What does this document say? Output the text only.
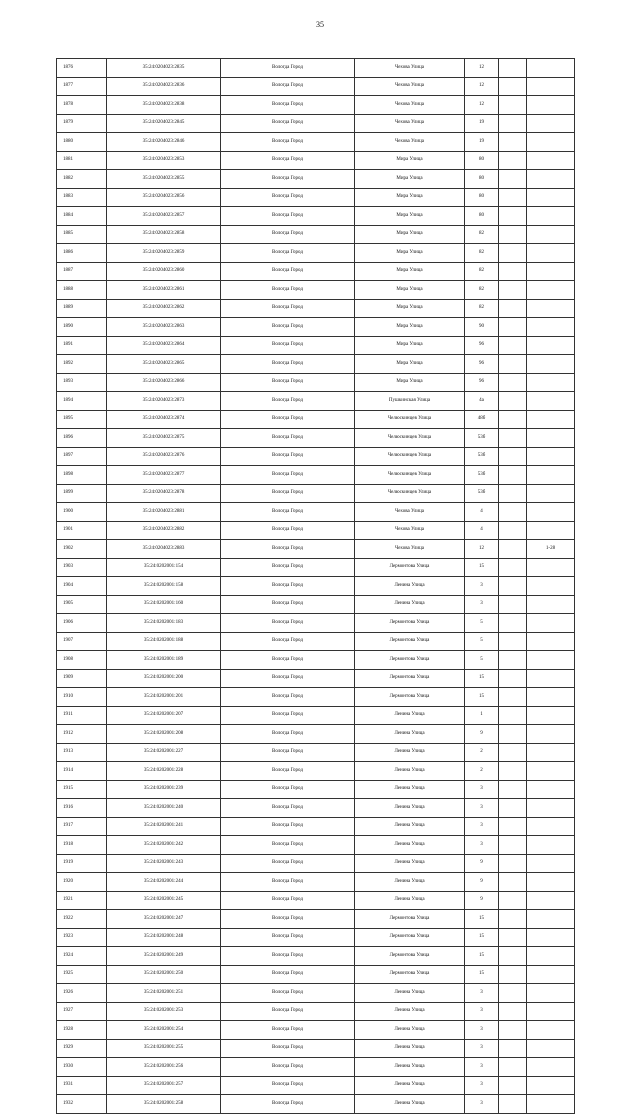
35
1876	35:24:0204023:2835	Вологда Город	Чехова Улица	12		
1877	35:24:0204023:2836	Вологда Город	Чехова Улица	12		
1878	35:24:0204023:2838	Вологда Город	Чехова Улица	12		
1879	35:24:0204023:2845	Вологда Город	Чехова Улица	19		
1880	35:24:0204023:2846	Вологда Город	Чехова Улица	19		
1881	35:24:0204023:2853	Вологда Город	Мира Улица	80		
1882	35:24:0204023:2855	Вологда Город	Мира Улица	80		
1883	35:24:0204023:2856	Вологда Город	Мира Улица	80		
1884	35:24:0204023:2857	Вологда Город	Мира Улица	80		
1885	35:24:0204023:2858	Вологда Город	Мира Улица	82		
1886	35:24:0204023:2859	Вологда Город	Мира Улица	82		
1887	35:24:0204023:2860	Вологда Город	Мира Улица	82		
1888	35:24:0204023:2861	Вологда Город	Мира Улица	82		
1889	35:24:0204023:2862	Вологда Город	Мира Улица	82		
1890	35:24:0204023:2863	Вологда Город	Мира Улица	90		
1891	35:24:0204023:2864	Вологда Город	Мира Улица	96		
1892	35:24:0204023:2865	Вологда Город	Мира Улица	96		
1893	35:24:0204023:2866	Вологда Город	Мира Улица	96		
1894	35:24:0204023:2873	Вологда Город	Пушкинская Улица	4а		
1895	35:24:0204023:2874	Вологда Город	Челюскинцев Улица	48б		
1896	35:24:0204023:2875	Вологда Город	Челюскинцев Улица	53б		
1897	35:24:0204023:2876	Вологда Город	Челюскинцев Улица	53б		
1898	35:24:0204023:2877	Вологда Город	Челюскинцев Улица	53б		
1899	35:24:0204023:2878	Вологда Город	Челюскинцев Улица	53б		
1900	35:24:0204023:2881	Вологда Город	Чехова Улица	4		
1901	35:24:0204023:2882	Вологда Город	Чехова Улица	4		
1902	35:24:0204023:2883	Вологда Город	Чехова Улица	12		1-28
1903	35:24:0202001:154	Вологда Город	Лермонтова Улица	15		
1904	35:24:0202001:158	Вологда Город	Ленина Улица	3		
1905	35:24:0202001:160	Вологда Город	Ленина Улица	3		
1906	35:24:0202001:183	Вологда Город	Лермонтова Улица	5		
1907	35:24:0202001:188	Вологда Город	Лермонтова Улица	5		
1908	35:24:0202001:189	Вологда Город	Лермонтова Улица	5		
1909	35:24:0202001:200	Вологда Город	Лермонтова Улица	15		
1910	35:24:0202001:201	Вологда Город	Лермонтова Улица	15		
1911	35:24:0202001:207	Вологда Город	Ленина Улица	1		
1912	35:24:0202001:208	Вологда Город	Ленина Улица	9		
1913	35:24:0202001:227	Вологда Город	Ленина Улица	2		
1914	35:24:0202001:228	Вологда Город	Ленина Улица	2		
1915	35:24:0202001:239	Вологда Город	Ленина Улица	3		
1916	35:24:0202001:240	Вологда Город	Ленина Улица	3		
1917	35:24:0202001:241	Вологда Город	Ленина Улица	3		
1918	35:24:0202001:242	Вологда Город	Ленина Улица	3		
1919	35:24:0202001:243	Вологда Город	Ленина Улица	9		
1920	35:24:0202001:244	Вологда Город	Ленина Улица	9		
1921	35:24:0202001:245	Вологда Город	Ленина Улица	9		
1922	35:24:0202001:247	Вологда Город	Лермонтова Улица	15		
1923	35:24:0202001:248	Вологда Город	Лермонтова Улица	15		
1924	35:24:0202001:249	Вологда Город	Лермонтова Улица	15		
1925	35:24:0202001:250	Вологда Город	Лермонтова Улица	15		
1926	35:24:0202001:251	Вологда Город	Ленина Улица	3		
1927	35:24:0202001:253	Вологда Город	Ленина Улица	3		
1928	35:24:0202001:254	Вологда Город	Ленина Улица	3		
1929	35:24:0202001:255	Вологда Город	Ленина Улица	3		
1930	35:24:0202001:256	Вологда Город	Ленина Улица	3		
1931	35:24:0202001:257	Вологда Город	Ленина Улица	3		
1932	35:24:0202001:258	Вологда Город	Ленина Улица	3		
